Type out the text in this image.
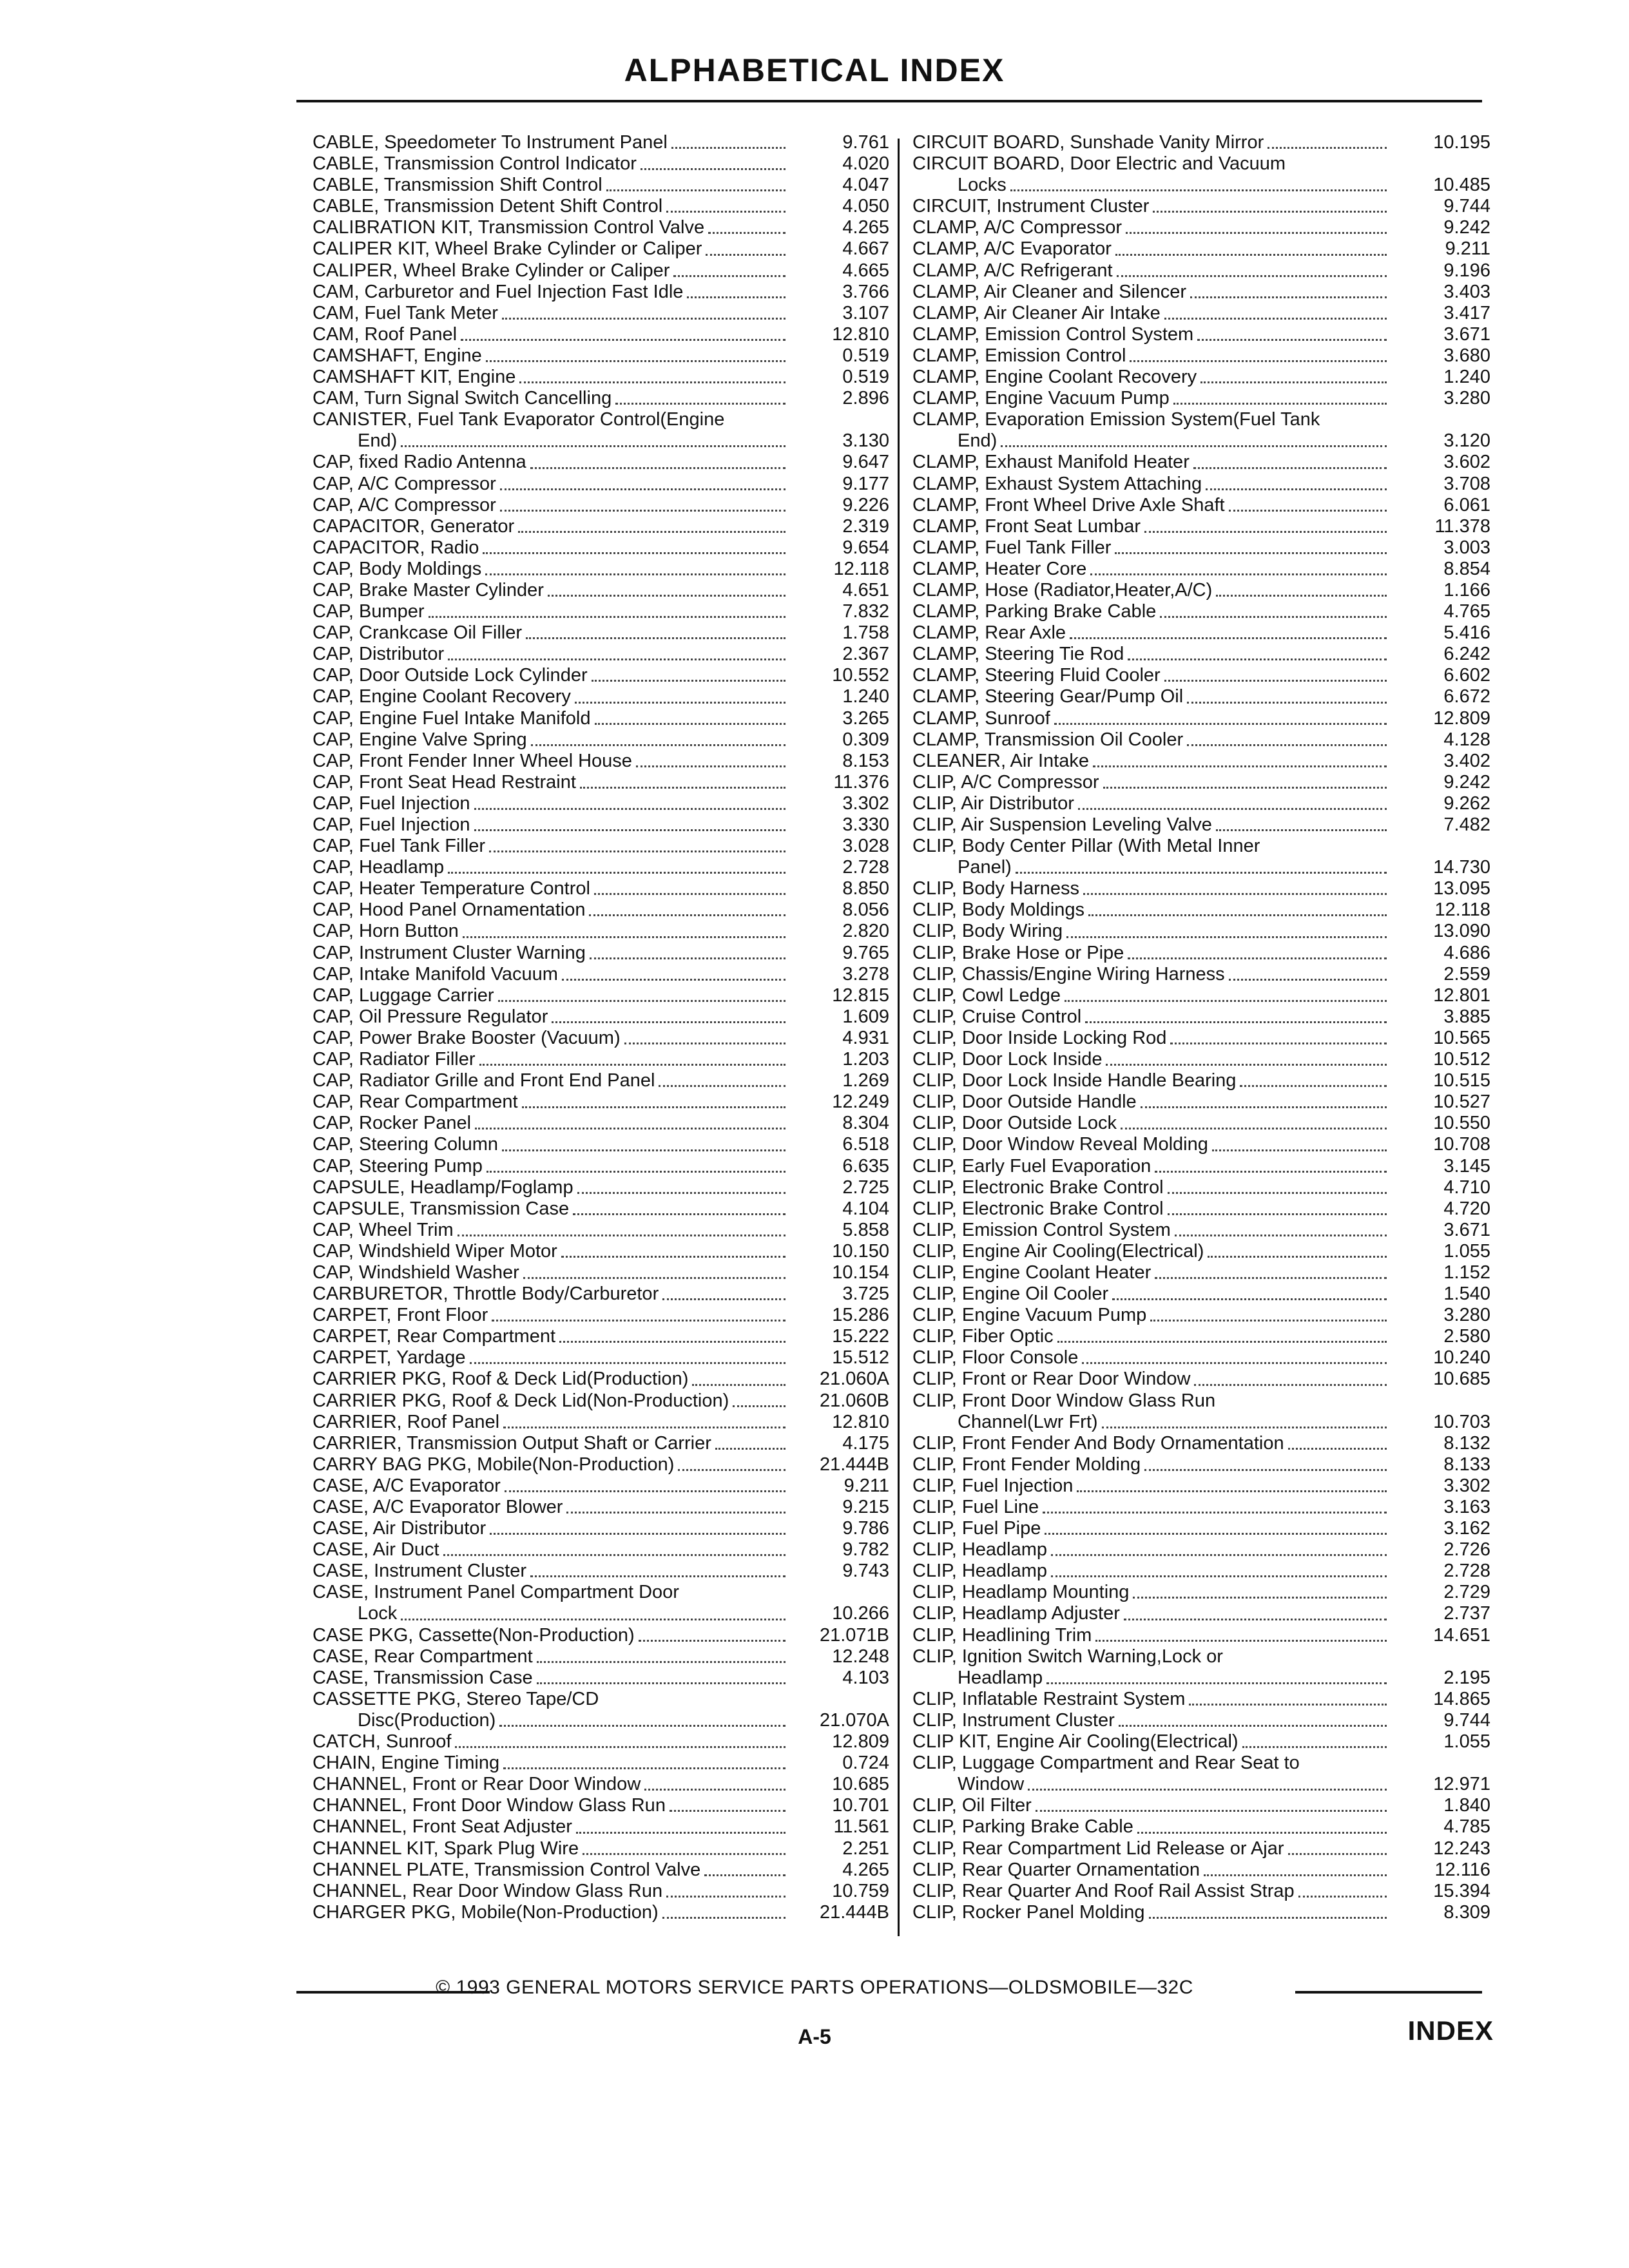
ALPHABETICAL INDEX
CABLE, Speedometer To Instrument Panel	9.761
CABLE, Transmission Control Indicator	4.020
CABLE, Transmission Shift Control	4.047
CABLE, Transmission Detent Shift Control	4.050
CALIBRATION KIT, Transmission Control Valve	4.265
CALIPER KIT, Wheel Brake Cylinder or Caliper	4.667
CALIPER, Wheel Brake Cylinder or Caliper	4.665
CAM, Carburetor and Fuel Injection Fast Idle	3.766
CAM, Fuel Tank Meter	3.107
CAM, Roof Panel	12.810
CAMSHAFT, Engine	0.519
CAMSHAFT KIT, Engine	0.519
CAM, Turn Signal Switch Cancelling	2.896
CANISTER, Fuel Tank Evaporator Control(Engine
End)	3.130
CAP, fixed Radio Antenna	9.647
CAP, A/C Compressor	9.177
CAP, A/C Compressor	9.226
CAPACITOR, Generator	2.319
CAPACITOR, Radio	9.654
CAP, Body Moldings	12.118
CAP, Brake Master Cylinder	4.651
CAP, Bumper	7.832
CAP, Crankcase Oil Filler	1.758
CAP, Distributor	2.367
CAP, Door Outside Lock Cylinder	10.552
CAP, Engine Coolant Recovery	1.240
CAP, Engine Fuel Intake Manifold	3.265
CAP, Engine Valve Spring	0.309
CAP, Front Fender Inner Wheel House	8.153
CAP, Front Seat Head Restraint	11.376
CAP, Fuel Injection	3.302
CAP, Fuel Injection	3.330
CAP, Fuel Tank Filler	3.028
CAP, Headlamp	2.728
CAP, Heater Temperature Control	8.850
CAP, Hood Panel Ornamentation	8.056
CAP, Horn Button	2.820
CAP, Instrument Cluster Warning	9.765
CAP, Intake Manifold Vacuum	3.278
CAP, Luggage Carrier	12.815
CAP, Oil Pressure Regulator	1.609
CAP, Power Brake Booster (Vacuum)	4.931
CAP, Radiator Filler	1.203
CAP, Radiator Grille and Front End Panel	1.269
CAP, Rear Compartment	12.249
CAP, Rocker Panel	8.304
CAP, Steering Column	6.518
CAP, Steering Pump	6.635
CAPSULE, Headlamp/Foglamp	2.725
CAPSULE, Transmission Case	4.104
CAP, Wheel Trim	5.858
CAP, Windshield Wiper Motor	10.150
CAP, Windshield Washer	10.154
CARBURETOR, Throttle Body/Carburetor	3.725
CARPET, Front Floor	15.286
CARPET, Rear Compartment	15.222
CARPET, Yardage	15.512
CARRIER PKG, Roof & Deck Lid(Production)	21.060A
CARRIER PKG, Roof & Deck Lid(Non-Production)	21.060B
CARRIER, Roof Panel	12.810
CARRIER, Transmission Output Shaft or Carrier	4.175
CARRY BAG PKG, Mobile(Non-Production)	21.444B
CASE, A/C Evaporator	9.211
CASE, A/C Evaporator Blower	9.215
CASE, Air Distributor	9.786
CASE, Air Duct	9.782
CASE, Instrument Cluster	9.743
CASE, Instrument Panel Compartment Door
Lock	10.266
CASE PKG, Cassette(Non-Production)	21.071B
CASE, Rear Compartment	12.248
CASE, Transmission Case	4.103
CASSETTE PKG, Stereo Tape/CD
Disc(Production)	21.070A
CATCH, Sunroof	12.809
CHAIN, Engine Timing	0.724
CHANNEL, Front or Rear Door Window	10.685
CHANNEL, Front Door Window Glass Run	10.701
CHANNEL, Front Seat Adjuster	11.561
CHANNEL KIT, Spark Plug Wire	2.251
CHANNEL PLATE, Transmission Control Valve	4.265
CHANNEL, Rear Door Window Glass Run	10.759
CHARGER PKG, Mobile(Non-Production)	21.444B
CIRCUIT BOARD, Sunshade Vanity Mirror	10.195
CIRCUIT BOARD, Door Electric and Vacuum
Locks	10.485
CIRCUIT, Instrument Cluster	9.744
CLAMP, A/C Compressor	9.242
CLAMP, A/C Evaporator	9.211
CLAMP, A/C Refrigerant	9.196
CLAMP, Air Cleaner and Silencer	3.403
CLAMP, Air Cleaner Air Intake	3.417
CLAMP, Emission Control System	3.671
CLAMP, Emission Control	3.680
CLAMP, Engine Coolant Recovery	1.240
CLAMP, Engine Vacuum Pump	3.280
CLAMP, Evaporation Emission System(Fuel Tank
End)	3.120
CLAMP, Exhaust Manifold Heater	3.602
CLAMP, Exhaust System Attaching	3.708
CLAMP, Front Wheel Drive Axle Shaft	6.061
CLAMP, Front Seat Lumbar	11.378
CLAMP, Fuel Tank Filler	3.003
CLAMP, Heater Core	8.854
CLAMP, Hose (Radiator,Heater,A/C)	1.166
CLAMP, Parking Brake Cable	4.765
CLAMP, Rear Axle	5.416
CLAMP, Steering Tie Rod	6.242
CLAMP, Steering Fluid Cooler	6.602
CLAMP, Steering Gear/Pump Oil	6.672
CLAMP, Sunroof	12.809
CLAMP, Transmission Oil Cooler	4.128
CLEANER, Air Intake	3.402
CLIP, A/C Compressor	9.242
CLIP, Air Distributor	9.262
CLIP, Air Suspension Leveling Valve	7.482
CLIP, Body Center Pillar (With Metal Inner
Panel)	14.730
CLIP, Body Harness	13.095
CLIP, Body Moldings	12.118
CLIP, Body Wiring	13.090
CLIP, Brake Hose or Pipe	4.686
CLIP, Chassis/Engine Wiring Harness	2.559
CLIP, Cowl Ledge	12.801
CLIP, Cruise Control	3.885
CLIP, Door Inside Locking Rod	10.565
CLIP, Door Lock Inside	10.512
CLIP, Door Lock Inside Handle Bearing	10.515
CLIP, Door Outside Handle	10.527
CLIP, Door Outside Lock	10.550
CLIP, Door Window Reveal Molding	10.708
CLIP, Early Fuel Evaporation	3.145
CLIP, Electronic Brake Control	4.710
CLIP, Electronic Brake Control	4.720
CLIP, Emission Control System	3.671
CLIP, Engine Air Cooling(Electrical)	1.055
CLIP, Engine Coolant Heater	1.152
CLIP, Engine Oil Cooler	1.540
CLIP, Engine Vacuum Pump	3.280
CLIP, Fiber Optic	2.580
CLIP, Floor Console	10.240
CLIP, Front or Rear Door Window	10.685
CLIP, Front Door Window Glass Run
Channel(Lwr Frt)	10.703
CLIP, Front Fender And Body Ornamentation	8.132
CLIP, Front Fender Molding	8.133
CLIP, Fuel Injection	3.302
CLIP, Fuel Line	3.163
CLIP, Fuel Pipe	3.162
CLIP, Headlamp	2.726
CLIP, Headlamp	2.728
CLIP, Headlamp Mounting	2.729
CLIP, Headlamp Adjuster	2.737
CLIP, Headlining Trim	14.651
CLIP, Ignition Switch Warning,Lock or
Headlamp	2.195
CLIP, Inflatable Restraint System	14.865
CLIP, Instrument Cluster	9.744
CLIP KIT, Engine Air Cooling(Electrical)	1.055
CLIP, Luggage Compartment and Rear Seat to
Window	12.971
CLIP, Oil Filter	1.840
CLIP, Parking Brake Cable	4.785
CLIP, Rear Compartment Lid Release or Ajar	12.243
CLIP, Rear Quarter Ornamentation	12.116
CLIP, Rear Quarter And Roof Rail Assist Strap	15.394
CLIP, Rocker Panel Molding	8.309
© 1993 GENERAL MOTORS SERVICE PARTS OPERATIONS—OLDSMOBILE—32C
A-5	INDEX
